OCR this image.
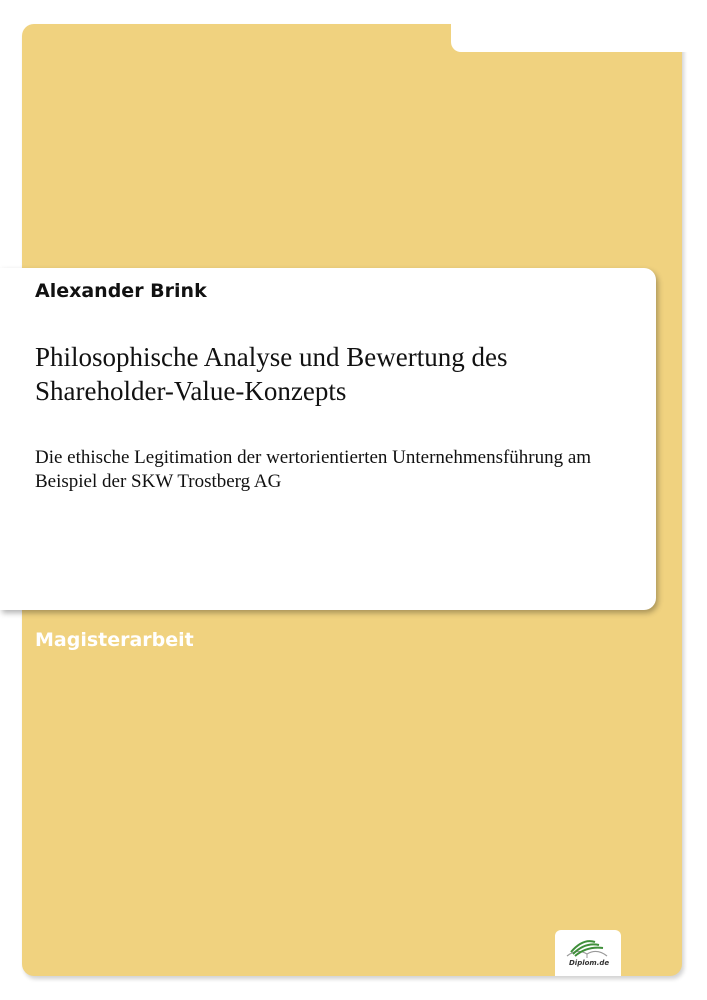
Alexander Brink
Philosophische Analyse und Bewertung des Shareholder-Value-Konzepts
Die ethische Legitimation der wertorientierten Unternehmensführung am Beispiel der SKW Trostberg AG
Magisterarbeit
Diplom.de
